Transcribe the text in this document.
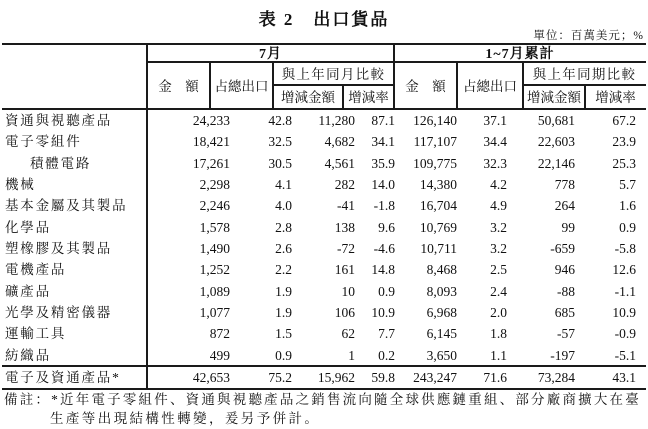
表 2　出口貨品
單位：百萬美元；%
7月	1~7月累計
金　額	占總出口
與上年同月比較
增減金額 增減率
金　額	占總出口
與上年同期比較
增減金額	增減率
資通與視聽產品	24,233	42.8	11,280	87.1	126,140	37.1	50,681	67.2
電子零組件	18,421	32.5	4,682	34.1	117,107	34.4	22,603	23.9
積體電路	17,261	30.5	4,561	35.9	109,775	32.3	22,146	25.3
機械	2,298	4.1	282	14.0	14,380	4.2	778	5.7
基本金屬及其製品	2,246	4.0	-41	-1.8	16,704	4.9	264	1.6
化學品	1,578	2.8	138	9.6	10,769	3.2	99	0.9
塑橡膠及其製品	1,490	2.6	-72	-4.6	10,711	3.2	-659	-5.8
電機產品	1,252	2.2	161	14.8	8,468	2.5	946	12.6
礦產品	1,089	1.9	10	0.9	8,093	2.4	-88	-1.1
光學及精密儀器	1,077	1.9	106	10.9	6,968	2.0	685	10.9
運輸工具	872	1.5	62	7.7	6,145	1.8	-57	-0.9
紡織品	499	0.9	1	0.2	3,650	1.1	-197	-5.1
電子及資通產品*	42,653	75.2	15,962	59.8	243,247	71.6	73,284	43.1
備註：*近年電子零組件、資通與視聽產品之銷售流向隨全球供應鏈重組、部分廠商擴大在臺
生產等出現結構性轉變，爰另予併計。
